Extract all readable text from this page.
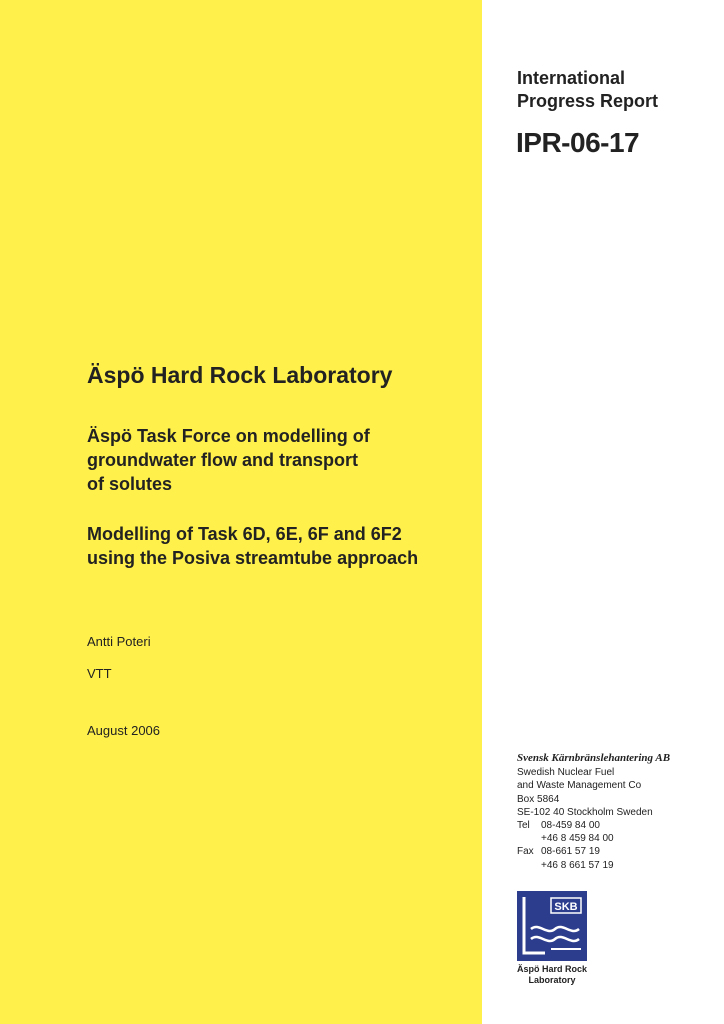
International
Progress Report
IPR-06-17
Äspö Hard Rock Laboratory
Äspö Task Force on modelling of
groundwater flow and transport
of solutes
Modelling of Task 6D, 6E, 6F and 6F2
using the Posiva streamtube approach
Antti Poteri
VTT
August 2006
Svensk Kärnbränslehantering AB
Swedish Nuclear Fuel
and Waste Management Co
Box 5864
SE-102 40 Stockholm Sweden
Tel	08-459 84 00
+46 8 459 84 00
Fax 08-661 57 19
+46 8 661 57 19
SKB
Äspö Hard Rock
Laboratory
